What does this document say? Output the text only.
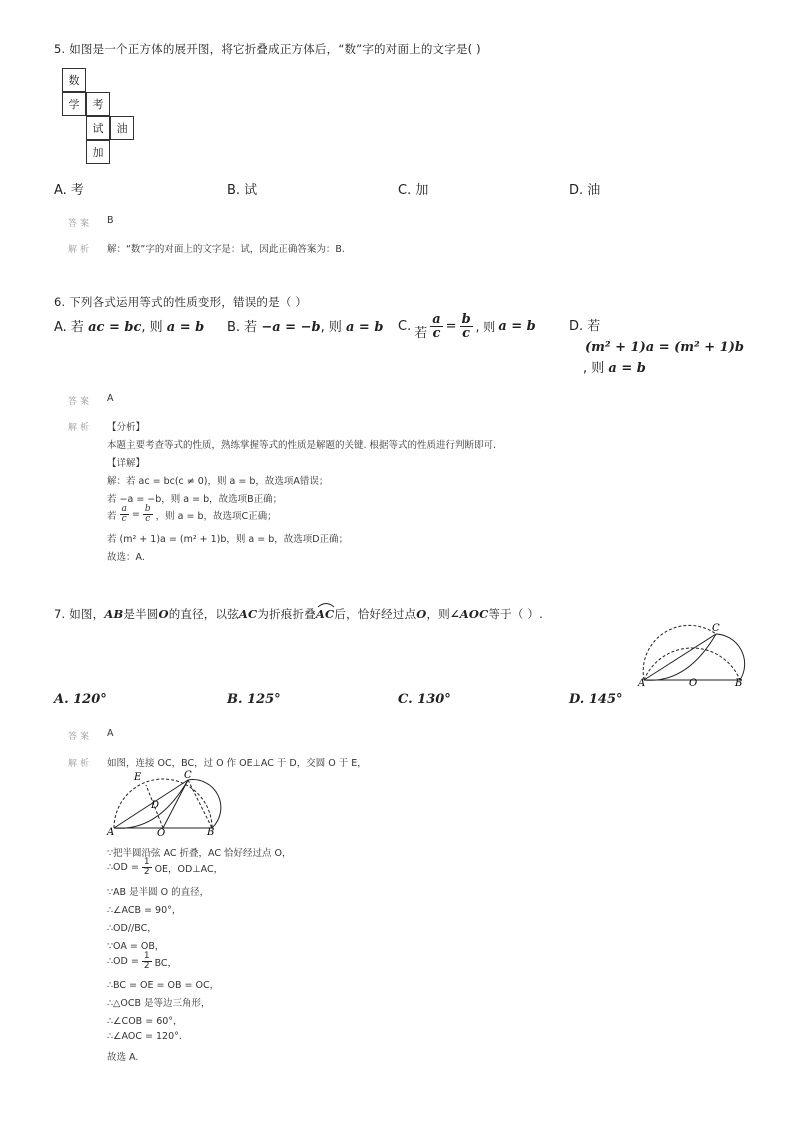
5. 如图是一个正方体的展开图，将它折叠成正方体后，“数”字的对面上的文字是( )
数
学	考
试	油
加
A. 考	B. 试	C. 加	D. 油
答案 B
解析 解：“数”字的对面上的文字是：试，因此正确答案为：B.
6. 下列各式运用等式的性质变形，错误的是（ ）
A. 若 ac = bc, 则 a = b B. 若 −a = −b, 则 a = b C. 若 $\frac{a}{c} = \frac{b}{c}$ , 则 a = b	D. 若
(m² + 1)a = (m² + 1)b
, 则 a = b
答案 A
解析 【分析】
本题主要考查等式的性质，熟练掌握等式的性质是解题的关键. 根据等式的性质进行判断即可.
【详解】
解：若 ac = bc(c ≠ 0)，则 a = b，故选项A错误；
若 −a = −b，则 a = b，故选项B正确；
若 $\frac{a}{c} = \frac{b}{c}$ ，则 a = b，故选项C正确；
若 (m² + 1)a = (m² + 1)b，则 a = b，故选项D正确；
故选：A.
7. 如图，AB是半圆O的直径，以弦AC为折痕折叠
AC后，恰好经过点O，则∠AOC等于（ ）.
A	O	B
C
A. 120°	B. 125°	C. 130°	D. 145°
答案 A
解析 如图，连接 OC，BC，过 O 作 OE⊥AC 于 D，交圆 O 于 E，
A	O	B
C
E
D
∵把半圆沿弦 AC 折叠，AC 恰好经过点 O，
∴OD = $\frac{1}{2}$ OE，OD⊥AC，
∵AB 是半圆 O 的直径，
∴∠ACB = 90°，
∴OD//BC，
∵OA = OB，
∴OD = $\frac{1}{2}$ BC，
∴BC = OE = OB = OC，
∴△OCB 是等边三角形，
∴∠COB = 60°，
∴∠AOC = 120°.
故选 A.
